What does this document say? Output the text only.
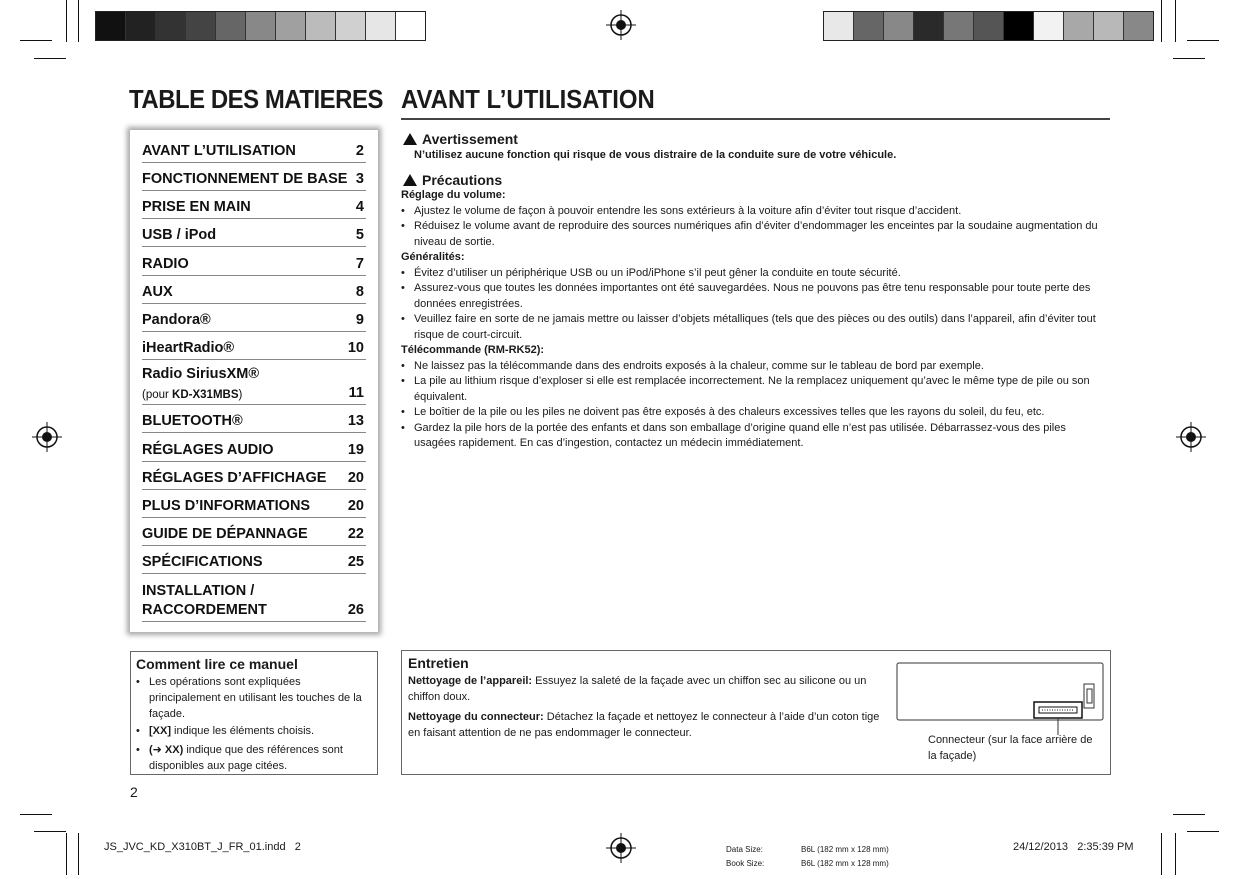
TABLE DES MATIERES AVANT L’UTILISATION
AVANT L’UTILISATION	2
FONCTIONNEMENT DE BASE 3
PRISE EN MAIN	4
USB / iPod	5
RADIO	7
AUX	8
Pandora®	9
iHeartRadio®	10
Radio SiriusXM®
(pour KD-X31MBS)	11
BLUETOOTH®	13
RÉGLAGES AUDIO	19
RÉGLAGES D’AFFICHAGE 20
PLUS D’INFORMATIONS	20
GUIDE DE DÉPANNAGE	22
SPÉCIFICATIONS	25
INSTALLATION /
RACCORDEMENT	26
Avertissement
N’utilisez aucune fonction qui risque de vous distraire de la conduite sure de votre véhicule.
Précautions
Réglage du volume:
• Ajustez le volume de façon à pouvoir entendre les sons extérieurs à la voiture afin d’éviter tout risque d’accident.
• Réduisez le volume avant de reproduire des sources numériques afin d’éviter d’endommager les enceintes par la soudaine augmentation du niveau de sortie.
Généralités:
• Évitez d’utiliser un périphérique USB ou un iPod/iPhone s’il peut gêner la conduite en toute sécurité.
• Assurez-vous que toutes les données importantes ont été sauvegardées. Nous ne pouvons pas être tenu responsable pour toute perte des données enregistrées.
• Veuillez faire en sorte de ne jamais mettre ou laisser d’objets métalliques (tels que des pièces ou des outils) dans l’appareil, afin d’éviter tout risque de court-circuit.
Télécommande (RM-RK52):
• Ne laissez pas la télécommande dans des endroits exposés à la chaleur, comme sur le tableau de bord par exemple.
• La pile au lithium risque d’exploser si elle est remplacée incorrectement. Ne la remplacez uniquement qu’avec le même type de pile ou son équivalent.
• Le boîtier de la pile ou les piles ne doivent pas être exposés à des chaleurs excessives telles que les rayons du soleil, du feu, etc.
• Gardez la pile hors de la portée des enfants et dans son emballage d’origine quand elle n’est pas utilisée. Débarrassez-vous des piles usagées rapidement. En cas d’ingestion, contactez un médecin immédiatement.
Comment lire ce manuel
• Les opérations sont expliquées principalement en utilisant les touches de la façade.
• [XX] indique les éléments choisis.
• (➜ XX) indique que des références sont disponibles aux page citées.
Entretien
Nettoyage de l’appareil: Essuyez la saleté de la façade avec un chiffon sec au silicone ou un chiffon doux.
Nettoyage du connecteur: Détachez la façade et nettoyez le connecteur à l’aide d’un coton tige en faisant attention de ne pas endommager le connecteur.
Connecteur (sur la face arrière de la façade)
2
JS_JVC_KD_X310BT_J_FR_01.indd   2	Data Size:	B6L (182 mm x 128 mm)
Book Size:	B6L (182 mm x 128 mm)
24/12/2013   2:35:39 PM
